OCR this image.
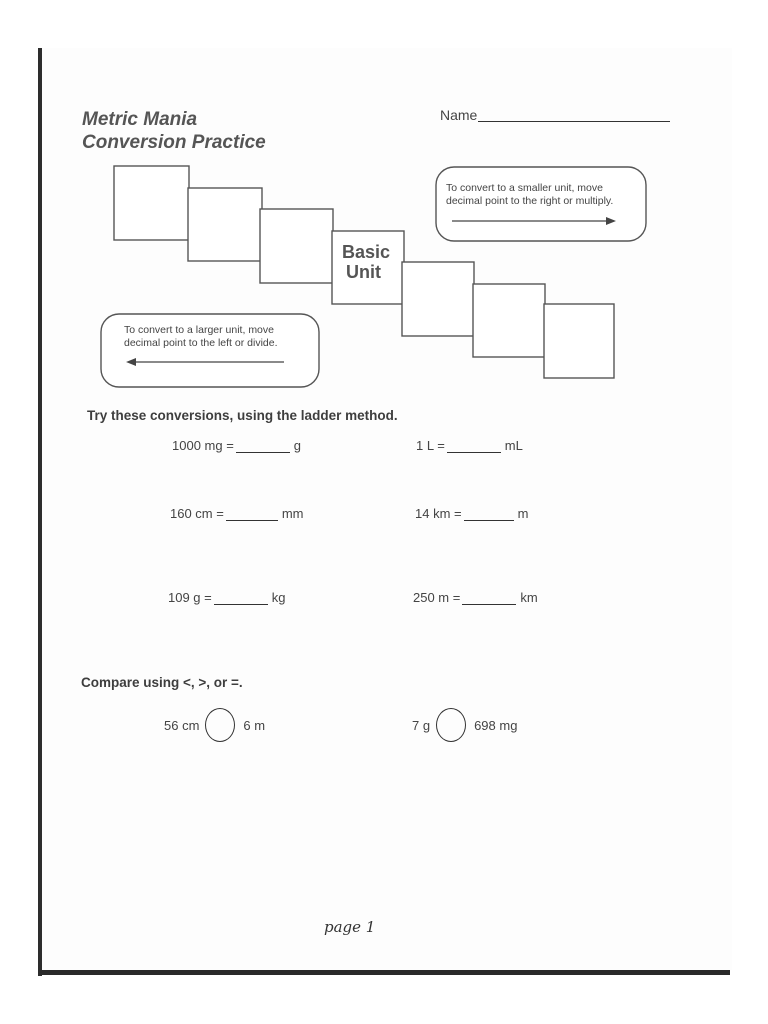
Metric Mania
Conversion Practice
Name
Basic
Unit
To convert to a smaller unit, move
decimal point to the right or multiply.
To convert to a larger unit, move
decimal point to the left or divide.
Try these conversions, using the ladder method.
1000 mg =	g	1 L =	mL
160 cm =	mm	14 km =	m
109 g =	kg	250 m =	km
Compare using <, >, or =.
56 cm	6 m	7 g	698 mg
page 1
